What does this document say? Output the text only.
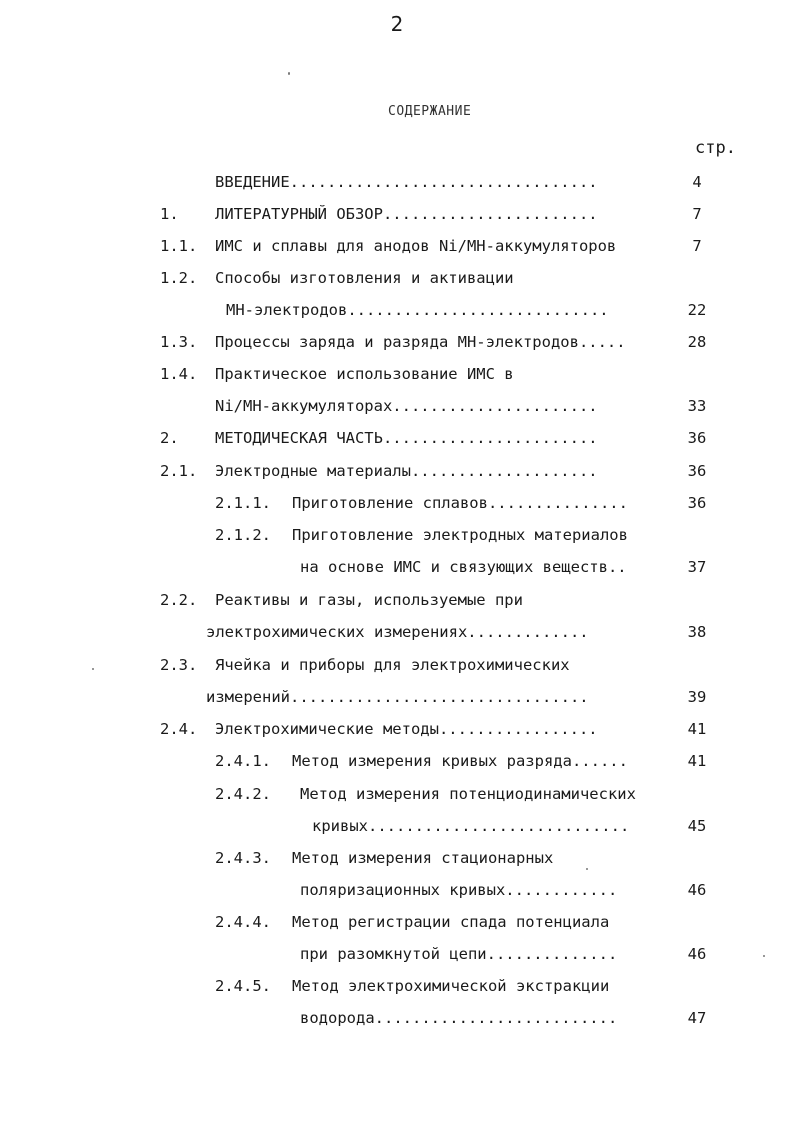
2
СОДЕРЖАНИЕ
стр.
ВВЕДЕНИЕ.................................	4
1. ЛИТЕРАТУРНЫЙ ОБЗОР.......................	7
1.1. ИМС и сплавы для анодов Ni/MH-аккумуляторов	7
1.2. Способы изготовления и активации
МН-электродов............................	22
1.3. Процессы заряда и разряда МН-электродов.....	28
1.4. Практическое использование ИМС в
Ni/MH-аккумуляторах......................	33
2. МЕТОДИЧЕСКАЯ ЧАСТЬ.......................	36
2.1. Электродные материалы....................	36
2.1.1. Приготовление сплавов...............	36
2.1.2. Приготовление электродных материалов
на основе ИМС и связующих веществ..	37
2.2. Реактивы и газы, используемые при
электрохимических измерениях.............	38
2.3. Ячейка и приборы для электрохимических
измерений................................	39
2.4. Электрохимические методы.................	41
2.4.1. Метод измерения кривых разряда......	41
2.4.2. Метод измерения потенциодинамических
кривых............................	45
2.4.3. Метод измерения стационарных
поляризационных кривых............	46
2.4.4. Метод регистрации спада потенциала
при разомкнутой цепи..............	46
2.4.5. Метод электрохимической экстракции
водорода..........................	47
